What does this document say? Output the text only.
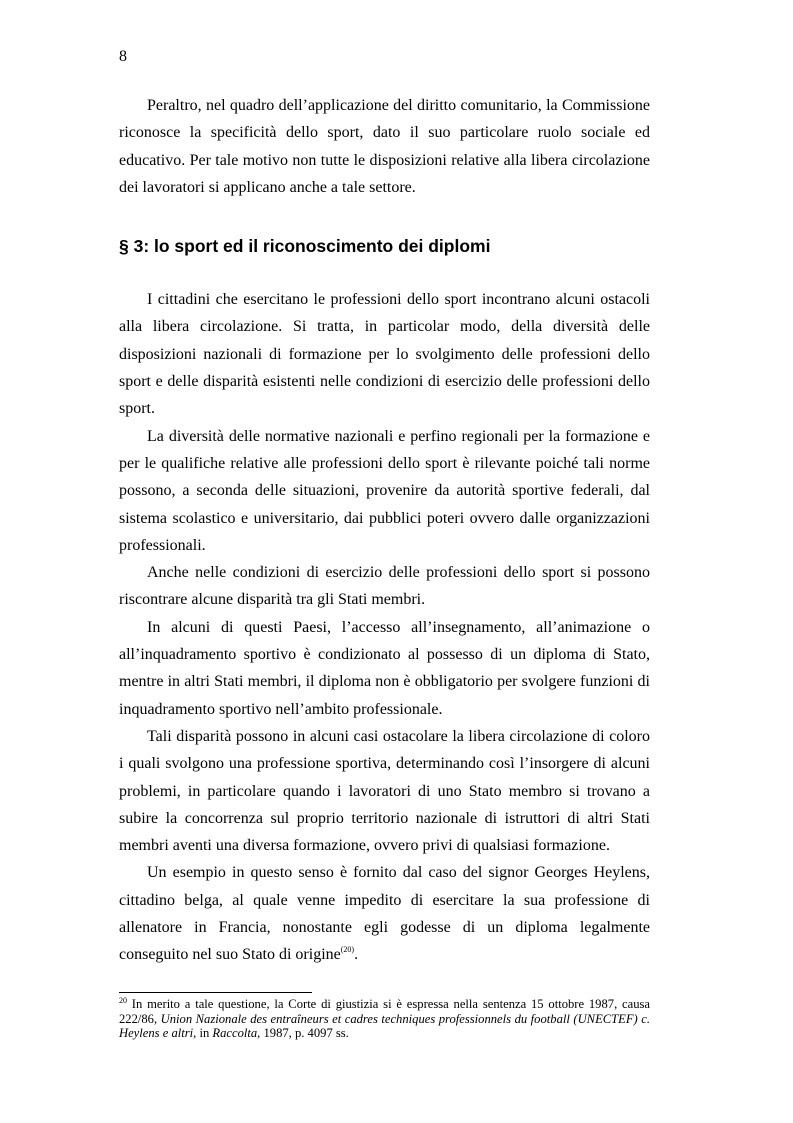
8

Peraltro, nel quadro dell’applicazione del diritto comunitario, la Commissione riconosce la specificità dello sport, dato il suo particolare ruolo sociale ed educativo. Per tale motivo non tutte le disposizioni relative alla libera circolazione dei lavoratori si applicano anche a tale settore.

§ 3: lo sport ed il riconoscimento dei diplomi

I cittadini che esercitano le professioni dello sport incontrano alcuni ostacoli alla libera circolazione. Si tratta, in particolar modo, della diversità delle disposizioni nazionali di formazione per lo svolgimento delle professioni dello sport e delle disparità esistenti nelle condizioni di esercizio delle professioni dello sport.

La diversità delle normative nazionali e perfino regionali per la formazione e per le qualifiche relative alle professioni dello sport è rilevante poiché tali norme possono, a seconda delle situazioni, provenire da autorità sportive federali, dal sistema scolastico e universitario, dai pubblici poteri ovvero dalle organizzazioni professionali.

Anche nelle condizioni di esercizio delle professioni dello sport si possono riscontrare alcune disparità tra gli Stati membri.

In alcuni di questi Paesi, l’accesso all’insegnamento, all’animazione o all’inquadramento sportivo è condizionato al possesso di un diploma di Stato, mentre in altri Stati membri, il diploma non è obbligatorio per svolgere funzioni di inquadramento sportivo nell’ambito professionale.

Tali disparità possono in alcuni casi ostacolare la libera circolazione di coloro i quali svolgono una professione sportiva, determinando così l’insorgere di alcuni problemi, in particolare quando i lavoratori di uno Stato membro si trovano a subire la concorrenza sul proprio territorio nazionale di istruttori di altri Stati membri aventi una diversa formazione, ovvero privi di qualsiasi formazione.

Un esempio in questo senso è fornito dal caso del signor Georges Heylens, cittadino belga, al quale venne impedito di esercitare la sua professione di allenatore in Francia, nonostante egli godesse di un diploma legalmente conseguito nel suo Stato di origine$^{(20)}$.

$^{20}$ In merito a tale questione, la Corte di giustizia si è espressa nella sentenza 15 ottobre 1987, causa 222/86, Union Nazionale des entraîneurs et cadres techniques professionnels du football (UNECTEF) c. Heylens e altri, in Raccolta, 1987, p. 4097 ss.
